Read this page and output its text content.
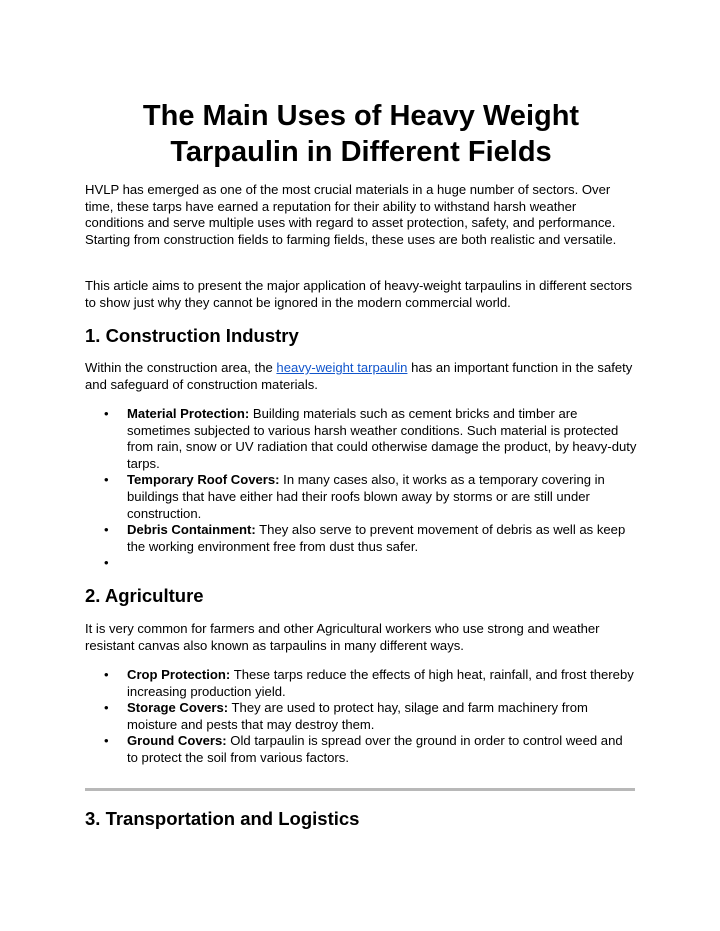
The Main Uses of Heavy Weight Tarpaulin in Different Fields

HVLP has emerged as one of the most crucial materials in a huge number of sectors. Over time, these tarps have earned a reputation for their ability to withstand harsh weather conditions and serve multiple uses with regard to asset protection, safety, and performance. Starting from construction fields to farming fields, these uses are both realistic and versatile.

This article aims to present the major application of heavy-weight tarpaulins in different sectors to show just why they cannot be ignored in the modern commercial world.

1. Construction Industry

Within the construction area, the heavy-weight tarpaulin has an important function in the safety and safeguard of construction materials.

• Material Protection: Building materials such as cement bricks and timber are sometimes subjected to various harsh weather conditions. Such material is protected from rain, snow or UV radiation that could otherwise damage the product, by heavy-duty tarps.
• Temporary Roof Covers: In many cases also, it works as a temporary covering in buildings that have either had their roofs blown away by storms or are still under construction.
• Debris Containment: They also serve to prevent movement of debris as well as keep the working environment free from dust thus safer.
•
2. Agriculture

It is very common for farmers and other Agricultural workers who use strong and weather resistant canvas also known as tarpaulins in many different ways.

• Crop Protection: These tarps reduce the effects of high heat, rainfall, and frost thereby increasing production yield.
• Storage Covers: They are used to protect hay, silage and farm machinery from moisture and pests that may destroy them.
• Ground Covers: Old tarpaulin is spread over the ground in order to control weed and to protect the soil from various factors.
3. Transportation and Logistics
